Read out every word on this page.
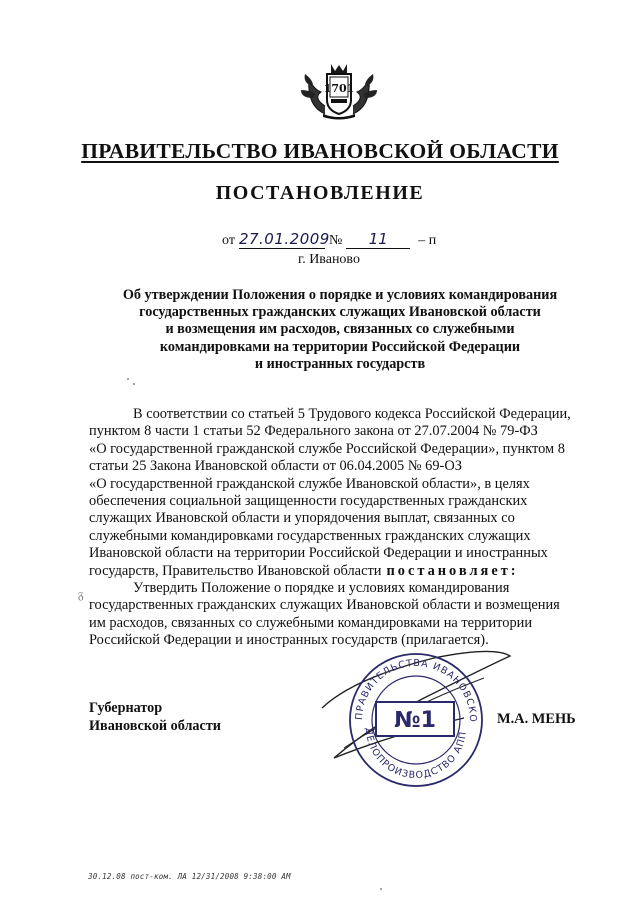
1701
ПРАВИТЕЛЬСТВО ИВАНОВСКОЙ ОБЛАСТИ
ПОСТАНОВЛЕНИЕ
от 27.01.2009 №	11	– п
г. Иваново
Об утверждении Положения о порядке и условиях командирования
государственных гражданских служащих Ивановской области
и возмещения им расходов, связанных со служебными
командировками на территории Российской Федерации
и иностранных государств
В соответствии со статьей 5 Трудового кодекса Российской Федерации,
пунктом 8 части 1 статьи 52 Федерального закона от 27.07.2004 № 79-ФЗ
«О государственной гражданской службе Российской Федерации», пунктом 8
статьи 25 Закона Ивановской области от 06.04.2005 № 69-ОЗ
«О государственной гражданской службе Ивановской области», в целях
обеспечения социальной защищенности государственных гражданских
служащих Ивановской области и упорядочения выплат, связанных со
служебными командировками государственных гражданских служащих
Ивановской области на территории Российской Федерации и иностранных
государств, Правительство Ивановской области постановляет:
Утвердить Положение о порядке и условиях командирования
государственных гражданских служащих Ивановской области и возмещения
им расходов, связанных со служебными командировками на территории
Российской Федерации и иностранных государств (прилагается).
ПРАВИТЕЛЬСТВА ИВАНОВСКО
ДЕЛОПРОИЗВОДСТВО АПП
№1
Губернатор
Ивановской области	М.А. МЕНЬ
ᵹ
30.12.08 пост-ком. ЛА 12/31/2008 9:38:00 AM
